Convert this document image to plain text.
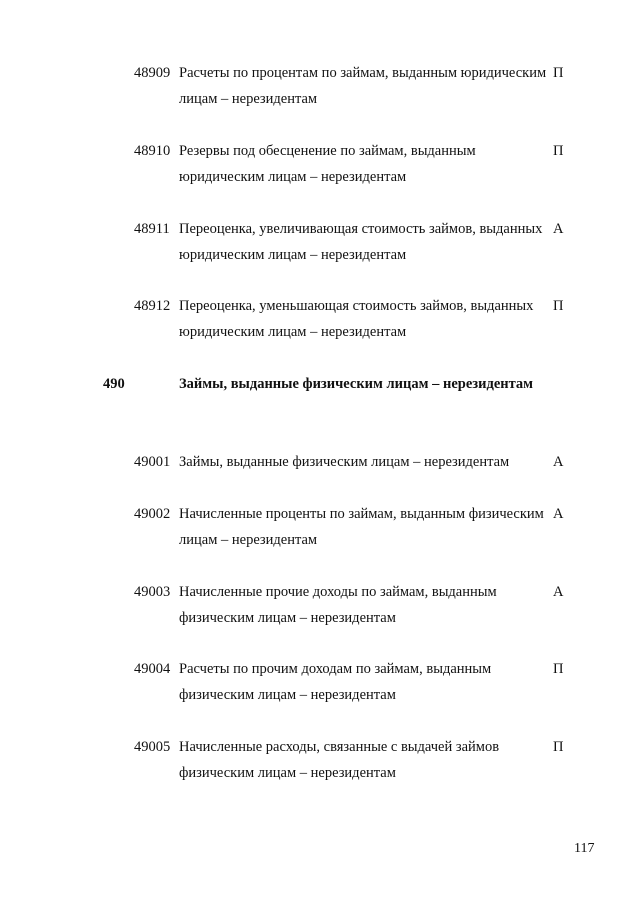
48909 Расчеты по процентам по займам, выданным юридическим лицам – нерезидентам
П
48910 Резервы под обесценение по займам, выданным юридическим лицам – нерезидентам
П
48911 Переоценка, увеличивающая стоимость займов, выданных юридическим лицам – нерезидентам
А
48912 Переоценка, уменьшающая стоимость займов, выданных юридическим лицам – нерезидентам
П
490	Займы, выданные физическим лицам – нерезидентам
49001 Займы, выданные физическим лицам – нерезидентам	А
49002 Начисленные проценты по займам, выданным физическим лицам – нерезидентам
А
49003 Начисленные прочие доходы по займам, выданным физическим лицам – нерезидентам
А
49004 Расчеты по прочим доходам по займам, выданным физическим лицам – нерезидентам
П
49005 Начисленные расходы, связанные с выдачей займов физическим лицам – нерезидентам
П
117
